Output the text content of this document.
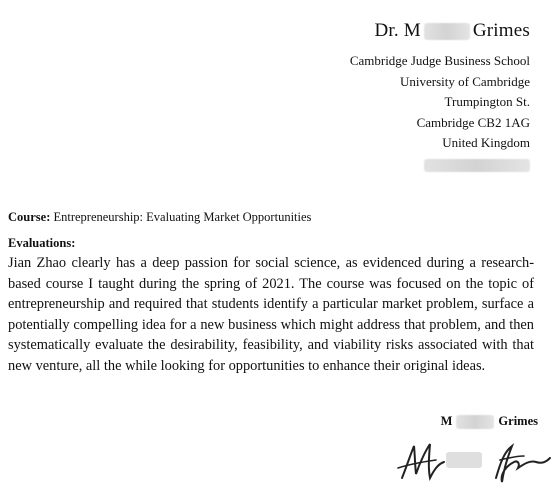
Dr. M	Grimes
Cambridge Judge Business School
University of Cambridge
Trumpington St.
Cambridge CB2 1AG
United Kingdom
Course: Entrepreneurship: Evaluating Market Opportunities
Evaluations:

Jian Zhao clearly has a deep passion for social science, as evidenced during a research-based course I taught during the spring of 2021. The course was focused on the topic of entrepreneurship and required that students identify a particular market problem, surface a potentially compelling idea for a new business which might address that problem, and then systematically evaluate the desirability, feasibility, and viability risks associated with that new venture, all the while looking for opportunities to enhance their original ideas.

M	Grimes
